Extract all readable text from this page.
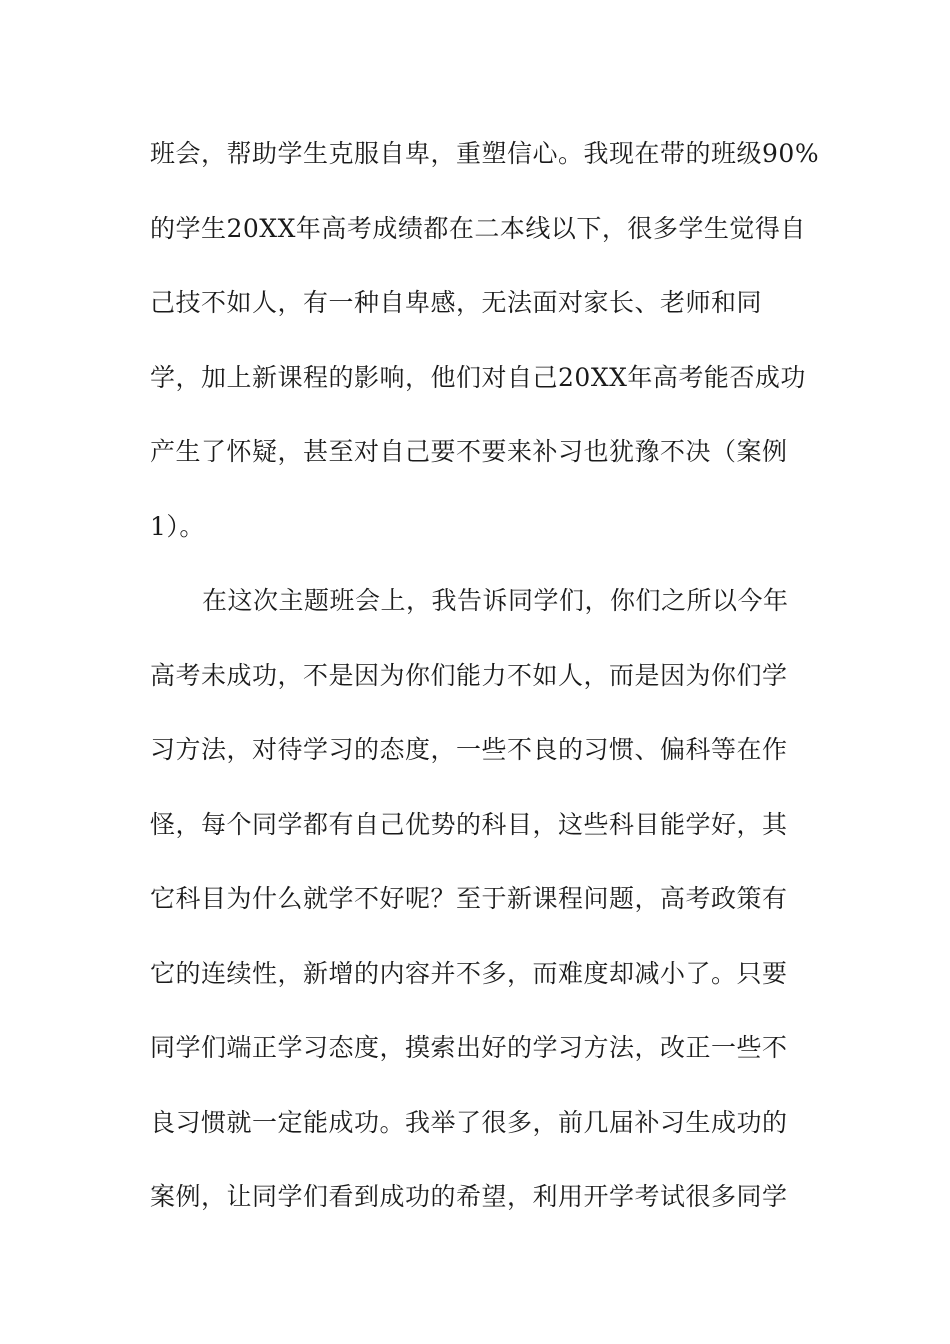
班会，帮助学生克服自卑，重塑信心。我现在带的班级90%
的学生20XX年高考成绩都在二本线以下，很多学生觉得自
己技不如人，有一种自卑感，无法面对家长、老师和同
学，加上新课程的影响，他们对自己20XX年高考能否成功
产生了怀疑，甚至对自己要不要来补习也犹豫不决（案例
1）。
在这次主题班会上，我告诉同学们，你们之所以今年
高考未成功，不是因为你们能力不如人，而是因为你们学
习方法，对待学习的态度，一些不良的习惯、偏科等在作
怪，每个同学都有自己优势的科目，这些科目能学好，其
它科目为什么就学不好呢？至于新课程问题，高考政策有
它的连续性，新增的内容并不多，而难度却减小了。只要
同学们端正学习态度，摸索出好的学习方法，改正一些不
良习惯就一定能成功。我举了很多，前几届补习生成功的
案例，让同学们看到成功的希望，利用开学考试很多同学
